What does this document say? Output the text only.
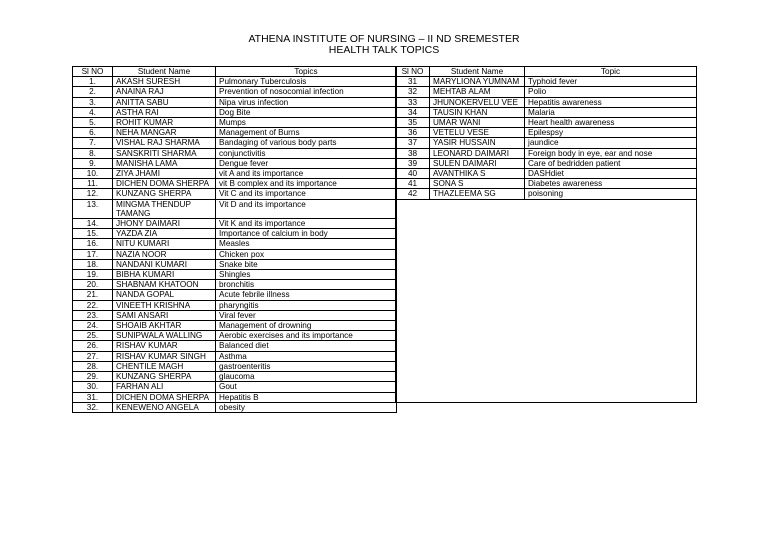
ATHENA INSTITUTE OF NURSING – II ND SREMESTER
HEALTH TALK TOPICS
Sl NO	Student Name	Topics
1.	AKASH SURESH	Pulmonary Tuberculosis
2.	ANAINA RAJ	Prevention of nosocomial infection
3.	ANITTA SABU	Nipa virus infection
4.	ASTHA RAI	Dog Bite
5.	ROHIT KUMAR	Mumps
6.	NEHA MANGAR	Management of Burns
7.	VISHAL RAJ SHARMA	Bandaging of various body parts
8.	SANSKRITI SHARMA	conjunctivitis
9.	MANISHA LAMA	Dengue fever
10.	ZIYA JHAMI	vit A and its importance
11.	DICHEN DOMA SHERPA	vit B complex and its importance
12.	KUNZANG SHERPA	Vit C and its importance
13.	MINGMA THENDUP TAMANG	Vit D and its importance
14.	JHONY DAIMARI	Vit K and its importance
15.	YAZDA ZIA	Importance of calcium in body
16.	NITU KUMARI	Measles
17.	NAZIA NOOR	Chicken pox
18.	NANDANI KUMARI	Snake bite
19.	BIBHA KUMARI	Shingles
20.	SHABNAM KHATOON	bronchitis
21.	NANDA GOPAL	Acute febrile illness
22.	VINEETH KRISHNA	pharyngitis
23.	SAMI ANSARI	Viral fever
24.	SHOAIB AKHTAR	Management of drowning
25.	SUNIPWALA WALLING	Aerobic exercises and its importance
26.	RISHAV KUMAR	Balanced diet
27.	RISHAV KUMAR SINGH	Asthma
28.	CHENTILE MAGH	gastroenteritis
29.	KUNZANG SHERPA	glaucoma
30.	FARHAN ALI	Gout
31.	DICHEN DOMA SHERPA	Hepatitis B
32.	KENEWENO ANGELA	obesity
Sl NO	Student Name	Topic
31	MARYLIONA YUMNAM	Typhoid fever
32	MEHTAB ALAM	Polio
33	JHUNOKERVELU VEE	Hepatitis awareness
34	TAUSIN KHAN	Malaria
35	UMAR WANI	Heart health awareness
36	VETELU VESE	Epilespsy
37	YASIR HUSSAIN	jaundice
38	LEONARD DAIMARI	Foreign body in eye, ear and nose
39	SULEN DAIMARI	Care of bedridden patient
40	AVANTHIKA S	DASHdiet
41	SONA S	Diabetes awareness
42	THAZLEEMA SG	poisoning
